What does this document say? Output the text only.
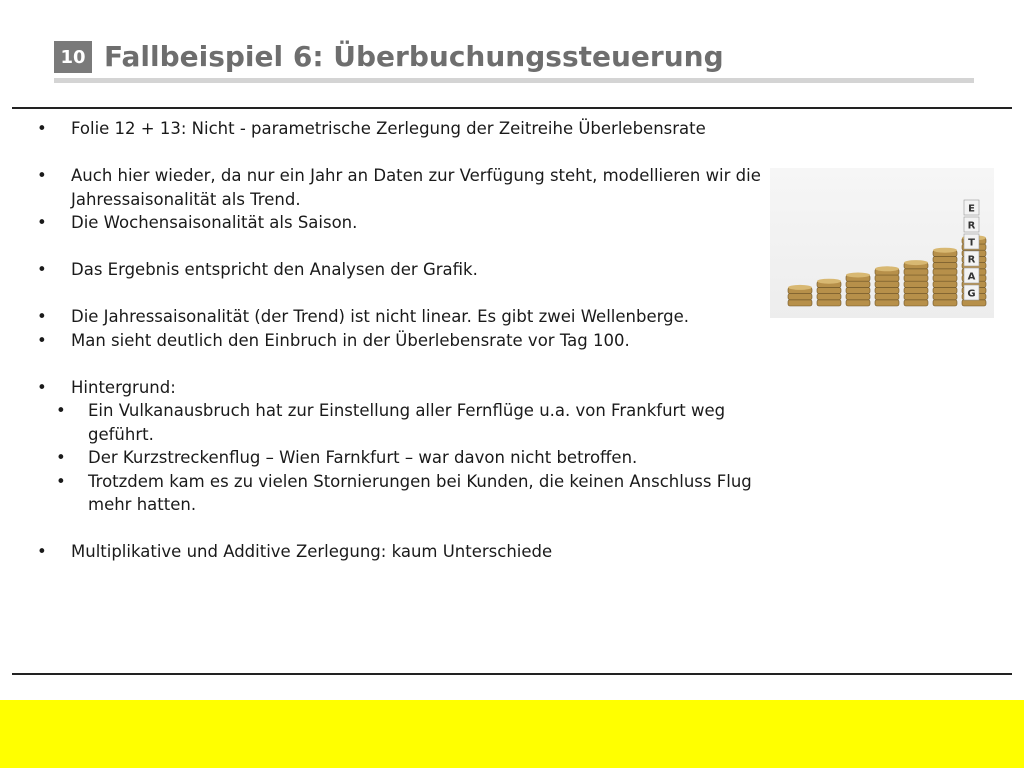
10 Fallbeispiel 6: Überbuchungssteuerung
• Folie 12 + 13: Nicht - parametrische Zerlegung der Zeitreihe Überlebensrate
• Auch hier wieder, da nur ein Jahr an Daten zur Verfügung steht, modellieren wir die Jahressaisonalität als Trend.
• Die Wochensaisonalität als Saison.
• Das Ergebnis entspricht den Analysen der Grafik.
• Die Jahressaisonalität (der Trend) ist nicht linear. Es gibt zwei Wellenberge.
• Man sieht deutlich den Einbruch in der Überlebensrate vor Tag 100.
• Hintergrund:
• Ein Vulkanausbruch hat zur Einstellung aller Fernflüge u.a. von Frankfurt weg geführt.
• Der Kurzstreckenflug – Wien Farnkfurt – war davon nicht betroffen.
• Trotzdem kam es zu vielen Stornierungen bei Kunden, die keinen Anschluss Flug mehr hatten.
• Multiplikative und Additive Zerlegung: kaum Unterschiede
E
R
T
R
A
G
